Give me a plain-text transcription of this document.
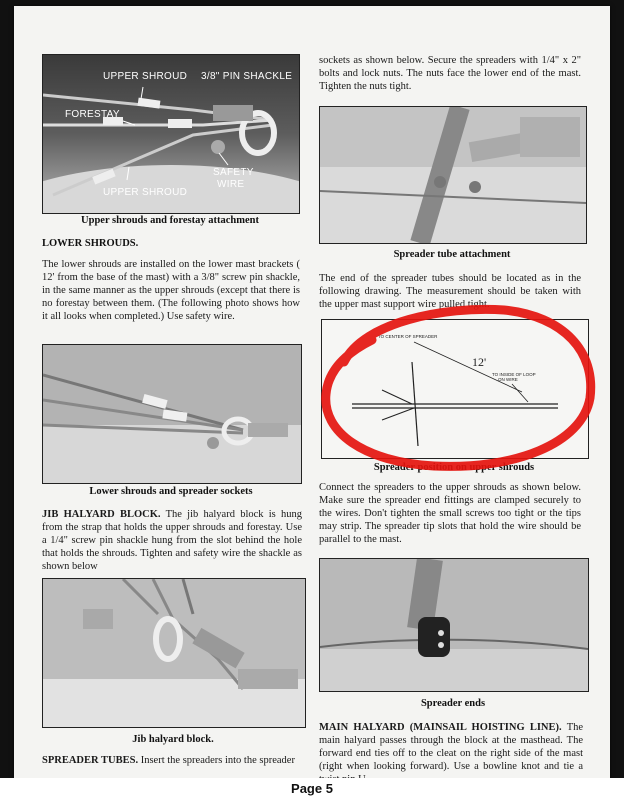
UPPER SHROUD 3/8" PIN SHACKLE
FORESTAY
UPPER SHROUD
SAFETY WIRE
Upper shrouds and forestay attachment
LOWER SHROUDS.

The lower shrouds are installed on the lower mast brackets ( 12' from the base of the mast) with a 3/8" screw pin shackle, in the same manner as the upper shrouds (except that there is no forestay between them. (The following photo shows how it all looks when completed.) Use safety wire.

Lower shrouds and spreader sockets

JIB HALYARD BLOCK. The jib halyard block is hung from the strap that holds the upper shrouds and forestay. Use a 1/4" screw pin shackle hung from the slot behind the hole that holds the shrouds. Tighten and safety wire the shackle as shown below

Jib halyard block.

SPREADER TUBES. Insert the spreaders into the spreader

sockets as shown below. Secure the spreaders with 1/4" x 2" bolts and lock nuts. The nuts face the lower end of the mast. Tighten the nuts tight.

Spreader tube attachment

The end of the spreader tubes should be located as in the following drawing. The measurement should be taken with the upper mast support wire pulled tight.

TO CENTER OF SPREADER
12'
TO INSIDE OF LOOP ON WIRE
Spreader position on upper shrouds

Connect the spreaders to the upper shrouds as shown below. Make sure the spreader end fittings are clamped securely to the wires. Don't tighten the small screws too tight or the tips may strip. The spreader tip slots that hold the wire should be parallel to the mast.

Spreader ends

MAIN HALYARD (MAINSAIL HOISTING LINE). The main halyard passes through the block at the masthead. The forward end ties off to the cleat on the right side of the mast (right when looking forward). Use a bowline knot and tie a

Page 5
